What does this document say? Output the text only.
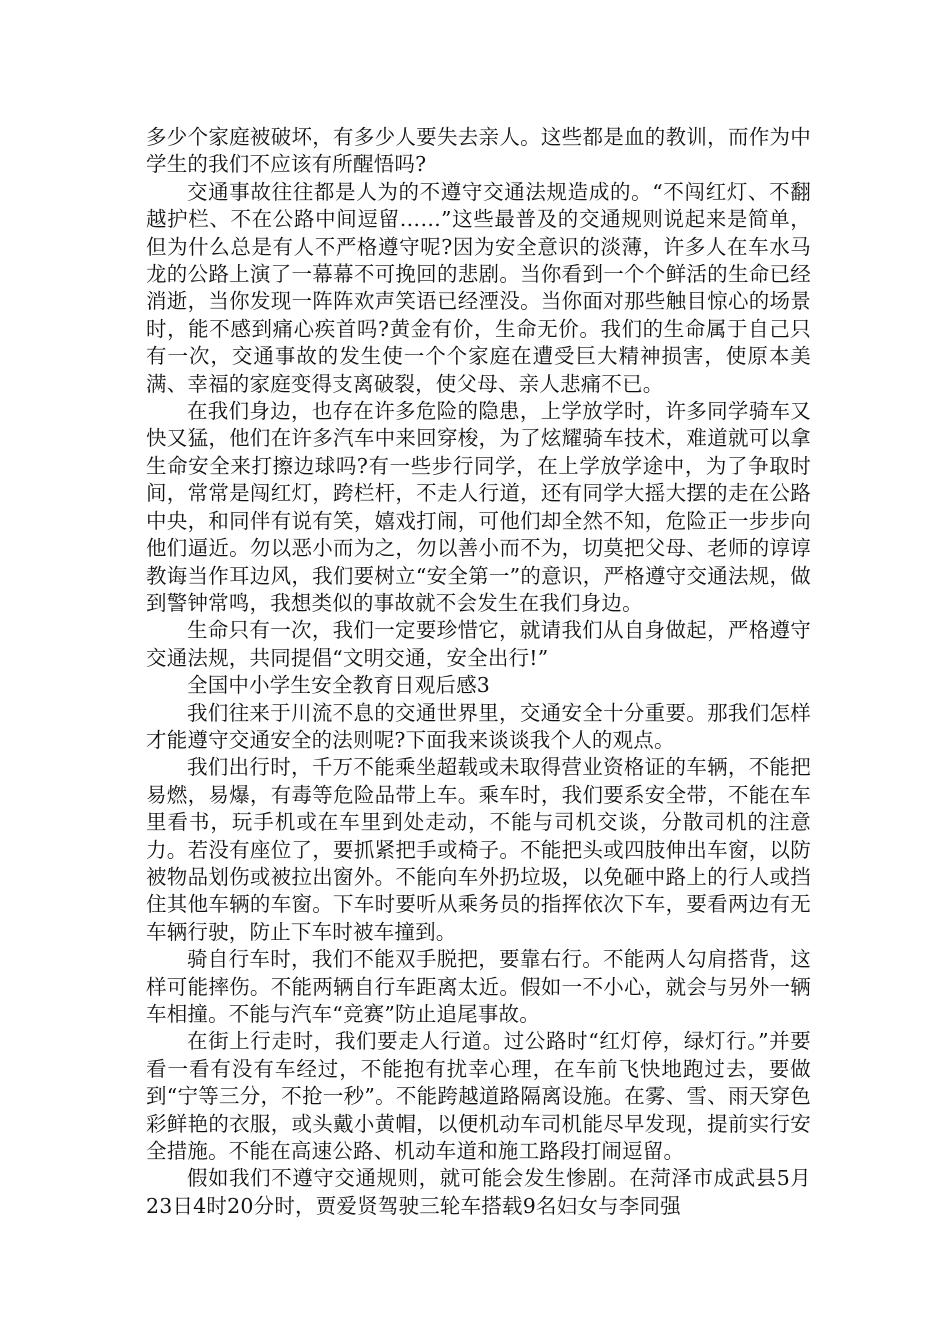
多少个家庭被破坏，有多少人要失去亲人。这些都是血的教训，而作为中学生的我们不应该有所醒悟吗?

交通事故往往都是人为的不遵守交通法规造成的。“不闯红灯、不翻越护栏、不在公路中间逗留……”这些最普及的交通规则说起来是简单，但为什么总是有人不严格遵守呢?因为安全意识的淡薄，许多人在车水马龙的公路上演了一幕幕不可挽回的悲剧。当你看到一个个鲜活的生命已经消逝，当你发现一阵阵欢声笑语已经湮没。当你面对那些触目惊心的场景时，能不感到痛心疾首吗?黄金有价，生命无价。我们的生命属于自己只有一次，交通事故的发生使一个个家庭在遭受巨大精神损害，使原本美满、幸福的家庭变得支离破裂，使父母、亲人悲痛不已。

在我们身边，也存在许多危险的隐患，上学放学时，许多同学骑车又快又猛，他们在许多汽车中来回穿梭，为了炫耀骑车技术，难道就可以拿生命安全来打擦边球吗?有一些步行同学，在上学放学途中，为了争取时间，常常是闯红灯，跨栏杆，不走人行道，还有同学大摇大摆的走在公路中央，和同伴有说有笑，嬉戏打闹，可他们却全然不知，危险正一步步向他们逼近。勿以恶小而为之，勿以善小而不为，切莫把父母、老师的谆谆教诲当作耳边风，我们要树立“安全第一”的意识，严格遵守交通法规，做到警钟常鸣，我想类似的事故就不会发生在我们身边。

生命只有一次，我们一定要珍惜它，就请我们从自身做起，严格遵守交通法规，共同提倡“文明交通，安全出行!”

全国中小学生安全教育日观后感3

我们往来于川流不息的交通世界里，交通安全十分重要。那我们怎样才能遵守交通安全的法则呢?下面我来谈谈我个人的观点。

我们出行时，千万不能乘坐超载或未取得营业资格证的车辆，不能把易燃，易爆，有毒等危险品带上车。乘车时，我们要系安全带，不能在车里看书，玩手机或在车里到处走动，不能与司机交谈，分散司机的注意力。若没有座位了，要抓紧把手或椅子。不能把头或四肢伸出车窗，以防被物品划伤或被拉出窗外。不能向车外扔垃圾，以免砸中路上的行人或挡住其他车辆的车窗。下车时要听从乘务员的指挥依次下车，要看两边有无车辆行驶，防止下车时被车撞到。

骑自行车时，我们不能双手脱把，要靠右行。不能两人勾肩搭背，这样可能摔伤。不能两辆自行车距离太近。假如一不小心，就会与另外一辆车相撞。不能与汽车“竞赛”防止追尾事故。

在街上行走时，我们要走人行道。过公路时“红灯停，绿灯行。”并要看一看有没有车经过，不能抱有扰幸心理，在车前飞快地跑过去，要做到“宁等三分，不抢一秒”。不能跨越道路隔离设施。在雾、雪、雨天穿色彩鲜艳的衣服，或头戴小黄帽，以便机动车司机能尽早发现，提前实行安全措施。不能在高速公路、机动车道和施工路段打闹逗留。

假如我们不遵守交通规则，就可能会发生惨剧。在菏泽市成武县5月23日4时20分时，贾爱贤驾驶三轮车搭载9名妇女与李同强
